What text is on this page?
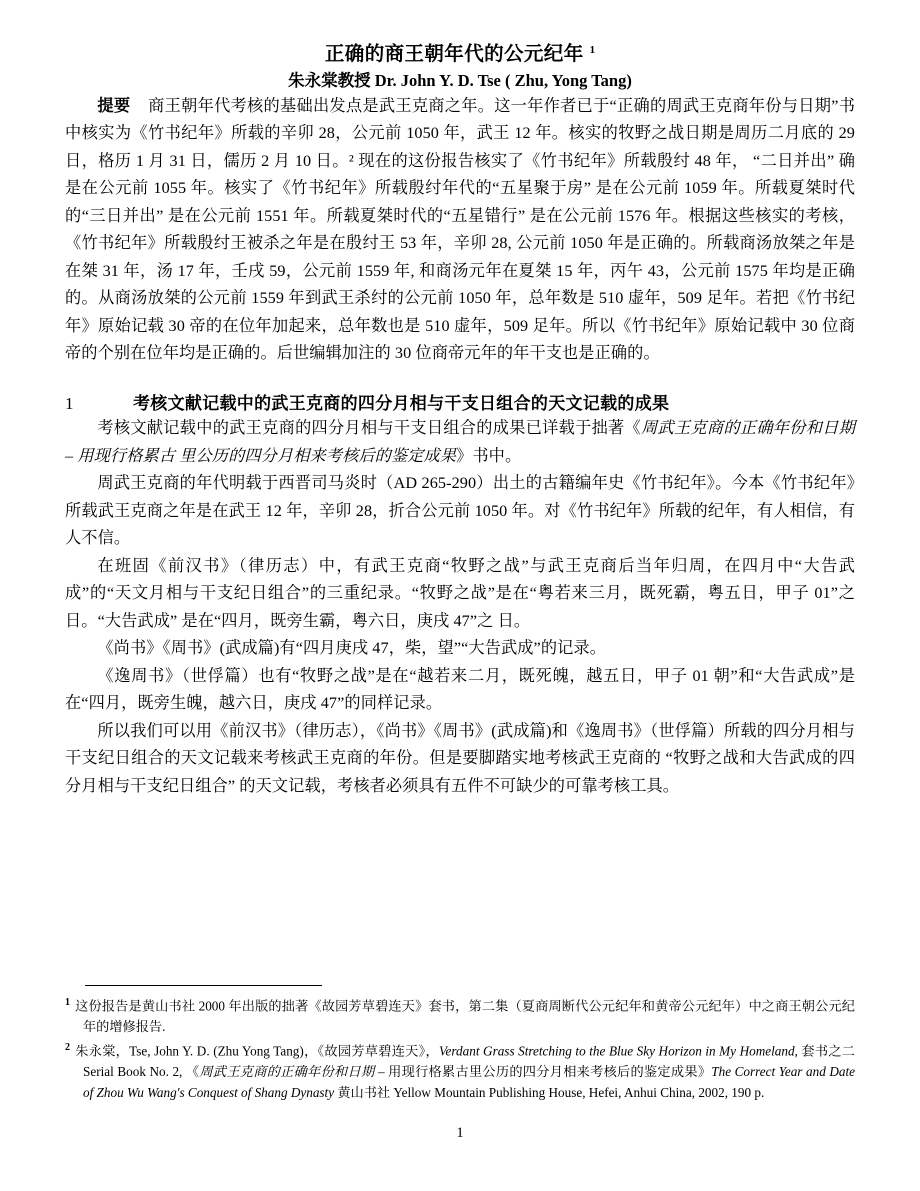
正确的商王朝年代的公元纪年 $^1$
朱永棠教授 Dr. John Y. D. Tse ( Zhu, Yong Tang)

提要 商王朝年代考核的基础出发点是武王克商之年。这一年作者已于“正确的周武王克商年份与日期”书中核实为《竹书纪年》所载的辛卯 28，公元前 1050 年，武王 12 年。核实的牧野之战日期是周历二月底的 29 日，格历 1 月 31 日，儒历 2 月 10 日。² 现在的这份报告核实了《竹书纪年》所载殷纣 48 年， “二日并出” 确是在公元前 1055 年。核实了《竹书纪年》所载殷纣年代的“五星聚于房” 是在公元前 1059 年。所载夏桀时代的“三日并出” 是在公元前 1551 年。所载夏桀时代的“五星错行” 是在公元前 1576 年。根据这些核实的考核，《竹书纪年》所载殷纣王被杀之年是在殷纣王 53 年，辛卯 28, 公元前 1050 年是正确的。所载商汤放桀之年是在桀 31 年，汤 17 年，壬戌 59，公元前 1559 年, 和商汤元年在夏桀 15 年，丙午 43，公元前 1575 年均是正确的。从商汤放桀的公元前 1559 年到武王杀纣的公元前 1050 年，总年数是 510 虚年，509 足年。若把《竹书纪年》原始记载 30 帝的在位年加起来，总年数也是 510 虚年，509 足年。所以《竹书纪年》原始记载中 30 位商帝的个别在位年均是正确的。后世编辑加注的 30 位商帝元年的年干支也是正确的。

1	考核文献记载中的武王克商的四分月相与干支日组合的天文记载的成果

考核文献记载中的武王克商的四分月相与干支日组合的成果已详载于拙著《周武王克商的正确年份和日期 – 用现行格累古 里公历的四分月相来考核后的鉴定成果》书中。

周武王克商的年代明载于西晋司马炎时（AD 265-290）出土的古籍编年史《竹书纪年》。今本《竹书纪年》所载武王克商之年是在武王 12 年，辛卯 28，折合公元前 1050 年。对《竹书纪年》所载的纪年，有人相信，有人不信。

在班固《前汉书》（律历志）中，有武王克商“牧野之战”与武王克商后当年归周，在四月中“大告武成”的“天文月相与干支纪日组合”的三重纪录。“牧野之战”是在“粤若来三月，既死霸，粤五日，甲子 01”之日。“大告武成” 是在“四月，既旁生霸，粤六日，庚戌 47”之 日。

《尚书》《周书》(武成篇)有“四月庚戌 47，柴，望”“大告武成”的记录。

《逸周书》（世俘篇）也有“牧野之战”是在“越若来二月，既死魄，越五日，甲子 01 朝”和“大告武成”是在“四月，既旁生魄，越六日，庚戌 47”的同样记录。

所以我们可以用《前汉书》（律历志），《尚书》《周书》(武成篇)和《逸周书》（世俘篇）所载的四分月相与干支纪日组合的天文记载来考核武王克商的年份。但是要脚踏实地考核武王克商的 “牧野之战和大告武成的四分月相与干支纪日组合” 的天文记载，考核者必须具有五件不可缺少的可靠考核工具。

$^1$ 这份报告是黄山书社 2000 年出版的拙著《故园芳草碧连天》套书，第二集（夏商周断代公元纪年和黄帝公元纪年）中之商王朝公元纪年的增修报告.

$^2$ 朱永棠，Tse, John Y. D. (Zhu Yong Tang)，《故园芳草碧连天》，Verdant Grass Stretching to the Blue Sky Horizon in My Homeland, 套书之二 Serial Book No. 2, 《周武王克商的正确年份和日期 – 用现行格累古里公历的四分月相来考核后的鉴定成果》The Correct Year and Date of Zhou Wu Wang's Conquest of Shang Dynasty 黄山书社 Yellow Mountain Publishing House, Hefei, Anhui China, 2002, 190 p.

1
